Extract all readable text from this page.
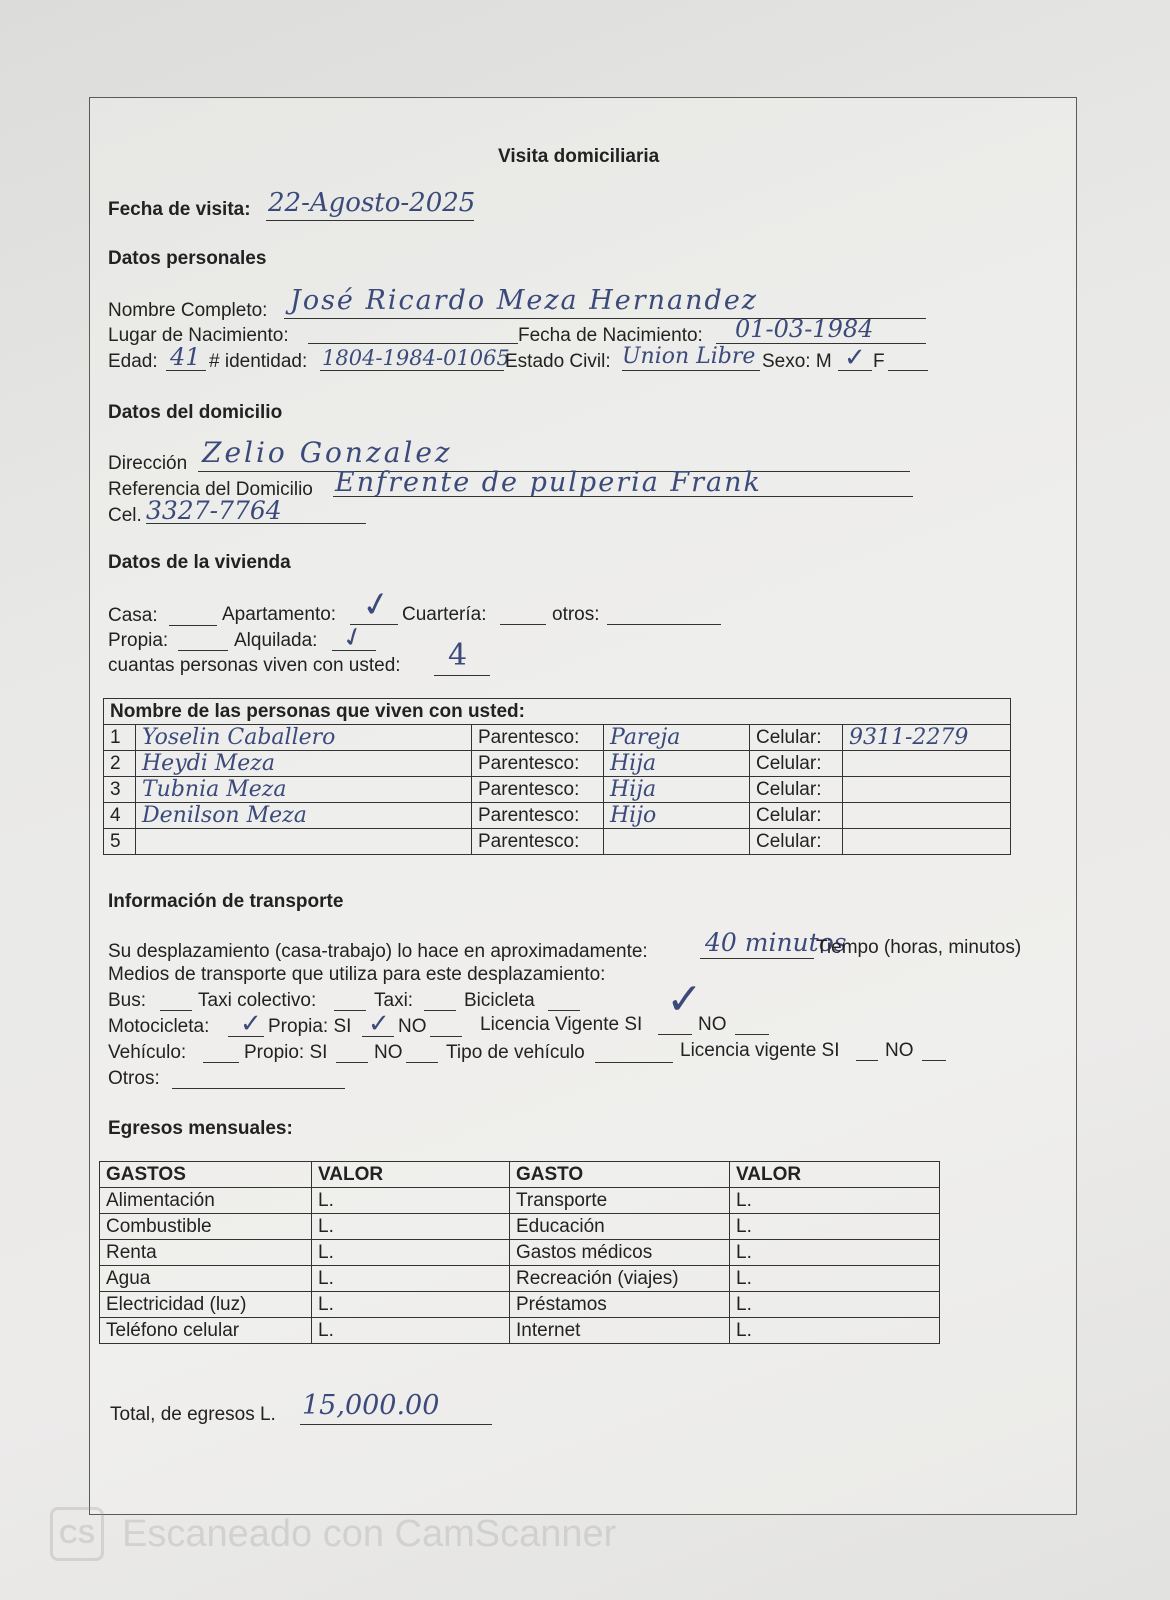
Visita domiciliaria
Fecha de visita: 22-Agosto-2025
Datos personales
Nombre Completo: José Ricardo Meza Hernandez
Lugar de Nacimiento:	Fecha de Nacimiento: 01-03-1984
Edad: 41 # identidad: 1804-1984-01065
Estado Civil: Union Libre Sexo: M ✓ F
Datos del domicilio
Dirección Zelio Gonzalez
Referencia del Domicilio Enfrente de pulperia Frank
Cel. 3327-7764
Datos de la vivienda
Casa:	Apartamento: ✓ Cuartería:	otros:
Propia:	Alquilada: ✓
cuantas personas viven con usted: 4
Nombre de las personas que viven con usted:					
1	Yoselin Caballero	Parentesco:	Pareja	Celular:	9311-2279
2	Heydi Meza	Parentesco:	Hija	Celular:	
3	Tubnia Meza	Parentesco:	Hija	Celular:	
4	Denilson Meza	Parentesco:	Hijo	Celular:	
5		Parentesco:		Celular:	
Información de transporte
Su desplazamiento (casa-trabajo) lo hace en aproximadamente: 40 minutos
Tiempo (horas, minutos)
Medios de transporte que utiliza para este desplazamiento:
Bus:	Taxi colectivo:	Taxi:	Bicicleta
Motocicleta: ✓ Propia: SI ✓ NO	Licencia Vigente SI
✓
NO
Vehículo:	Propio: SI NO Tipo de vehículo	Licencia vigente SI NO
Otros:
Egresos mensuales:
GASTOS	VALOR	GASTO	VALOR
Alimentación	L.	Transporte	L.
Combustible	L.	Educación	L.
Renta	L.	Gastos médicos	L.
Agua	L.	Recreación (viajes)	L.
Electricidad (luz)	L.	Préstamos	L.
Teléfono celular	L.	Internet	L.
Total, de egresos L. 15,000.00
CS Escaneado con CamScanner
